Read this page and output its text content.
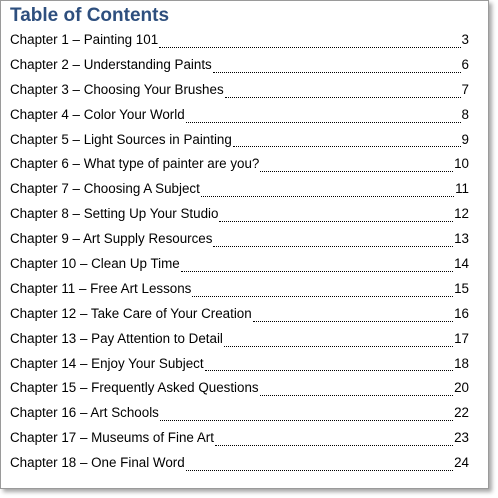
Table of Contents
Chapter 1 – Painting 101	3
Chapter 2 – Understanding Paints	6
Chapter 3 – Choosing Your Brushes	7
Chapter 4 – Color Your World	8
Chapter 5 – Light Sources in Painting	9
Chapter 6 – What type of painter are you?	10
Chapter 7 – Choosing A Subject	11
Chapter 8 – Setting Up Your Studio	12
Chapter 9 – Art Supply Resources	13
Chapter 10 – Clean Up Time	14
Chapter 11 – Free Art Lessons	15
Chapter 12 – Take Care of Your Creation	16
Chapter 13 – Pay Attention to Detail	17
Chapter 14 – Enjoy Your Subject	18
Chapter 15 – Frequently Asked Questions	20
Chapter 16 – Art Schools	22
Chapter 17 – Museums of Fine Art	23
Chapter 18 – One Final Word	24
